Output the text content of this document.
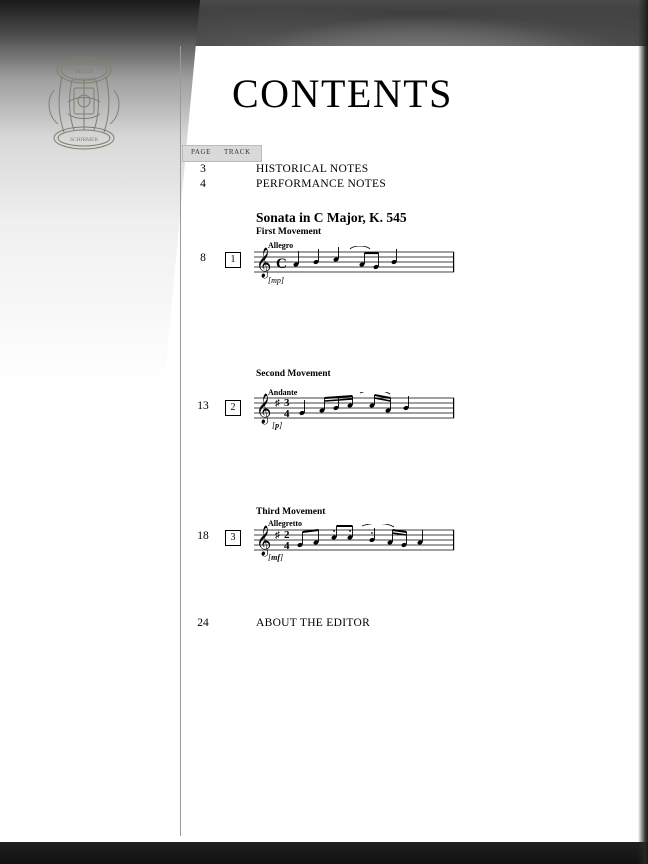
LABORUM
DULCE
LENIMEN
SCHIRMER
CONTENTS
PAGE TRACK
3	HISTORICAL NOTES
4	PERFORMANCE NOTES
Sonata in C Major, K. 545
First Movement
Allegro
8	1 𝄞 C
[mp]
Second Movement
Andante
13	2 𝄞 ♯ 3
4
[p]
Third Movement
Allegretto
18	3 𝄞 ♯ 2
4
[mf]
24	ABOUT THE EDITOR
